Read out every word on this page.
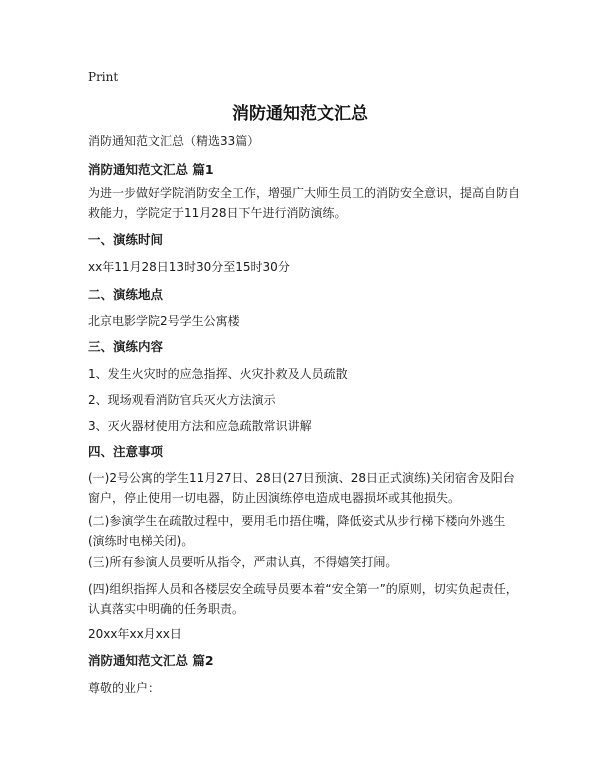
Print
消防通知范文汇总
消防通知范文汇总（精选33篇）
消防通知范文汇总 篇1
为进一步做好学院消防安全工作，增强广大师生员工的消防安全意识，提高自防自救能力，学院定于11月28日下午进行消防演练。
一、演练时间
xx年11月28日13时30分至15时30分
二、演练地点
北京电影学院2号学生公寓楼
三、演练内容
1、发生火灾时的应急指挥、火灾扑救及人员疏散
2、现场观看消防官兵灭火方法演示
3、灭火器材使用方法和应急疏散常识讲解
四、注意事项
(一)2号公寓的学生11月27日、28日(27日预演、28日正式演练)关闭宿舍及阳台窗户，停止使用一切电器，防止因演练停电造成电器损坏或其他损失。
(二)参演学生在疏散过程中，要用毛巾捂住嘴，降低姿式从步行梯下楼向外逃生(演练时电梯关闭)。
(三)所有参演人员要听从指令，严肃认真，不得嬉笑打闹。
(四)组织指挥人员和各楼层安全疏导员要本着“安全第一”的原则，切实负起责任，认真落实中明确的任务职责。
20xx年xx月xx日
消防通知范文汇总 篇2
尊敬的业户：
